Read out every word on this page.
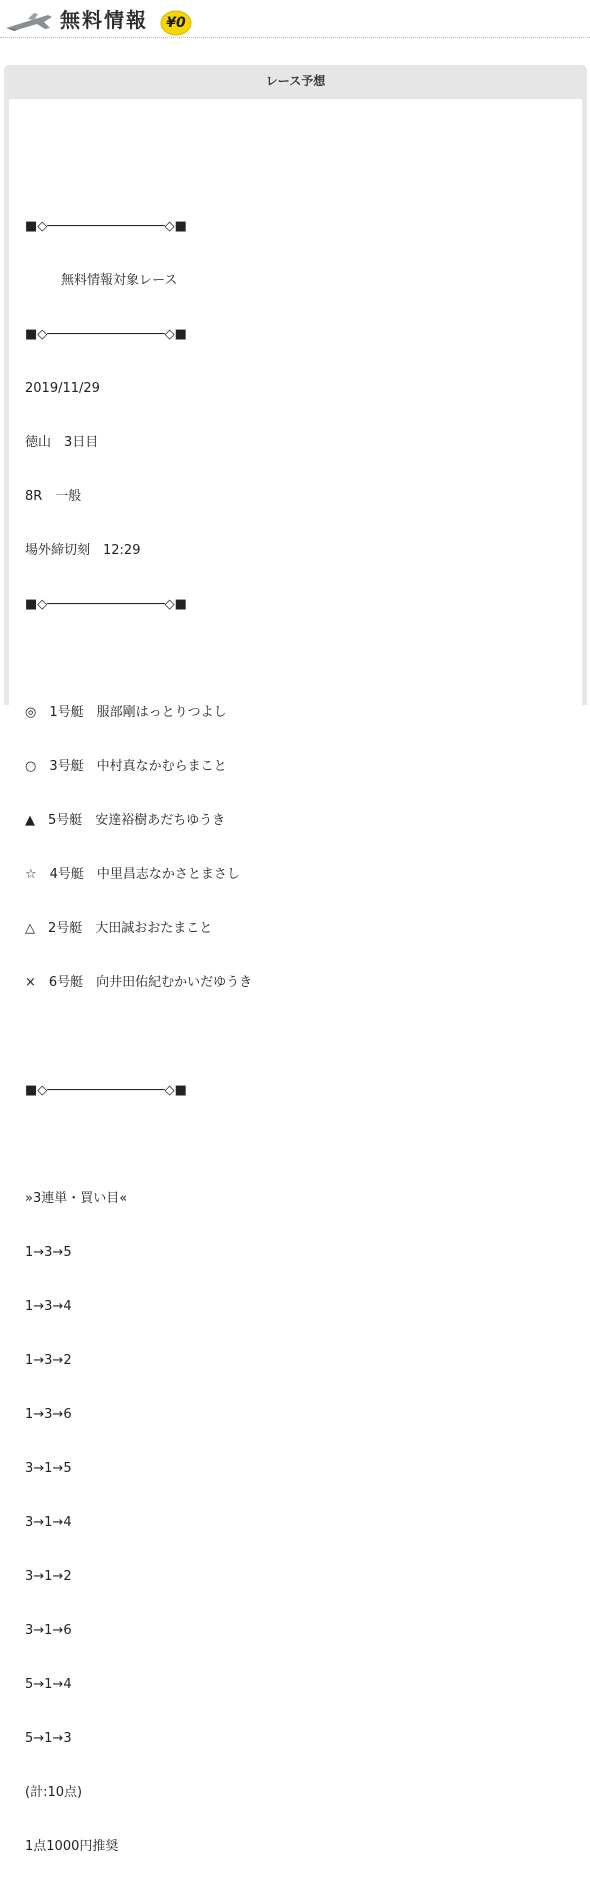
無料情報	¥0
レース予想

■◇───────────────◇■

無料情報対象レース

■◇───────────────◇■

2019/11/29

徳山　3日目

8R　一般

場外締切刻　12:29

■◇───────────────◇■

◎　1号艇　服部剛はっとりつよし

○　3号艇　中村真なかむらまこと

▲　5号艇　安達裕樹あだちゆうき

☆　4号艇　中里昌志なかさとまさし

△　2号艇　大田誠おおたまこと

×　6号艇　向井田佑紀むかいだゆうき

■◇───────────────◇■

»3連単・買い目«

1→3→5

1→3→4

1→3→2

1→3→6

3→1→5

3→1→4

3→1→2

3→1→6

5→1→4

5→1→3

(計:10点)

1点1000円推奨
